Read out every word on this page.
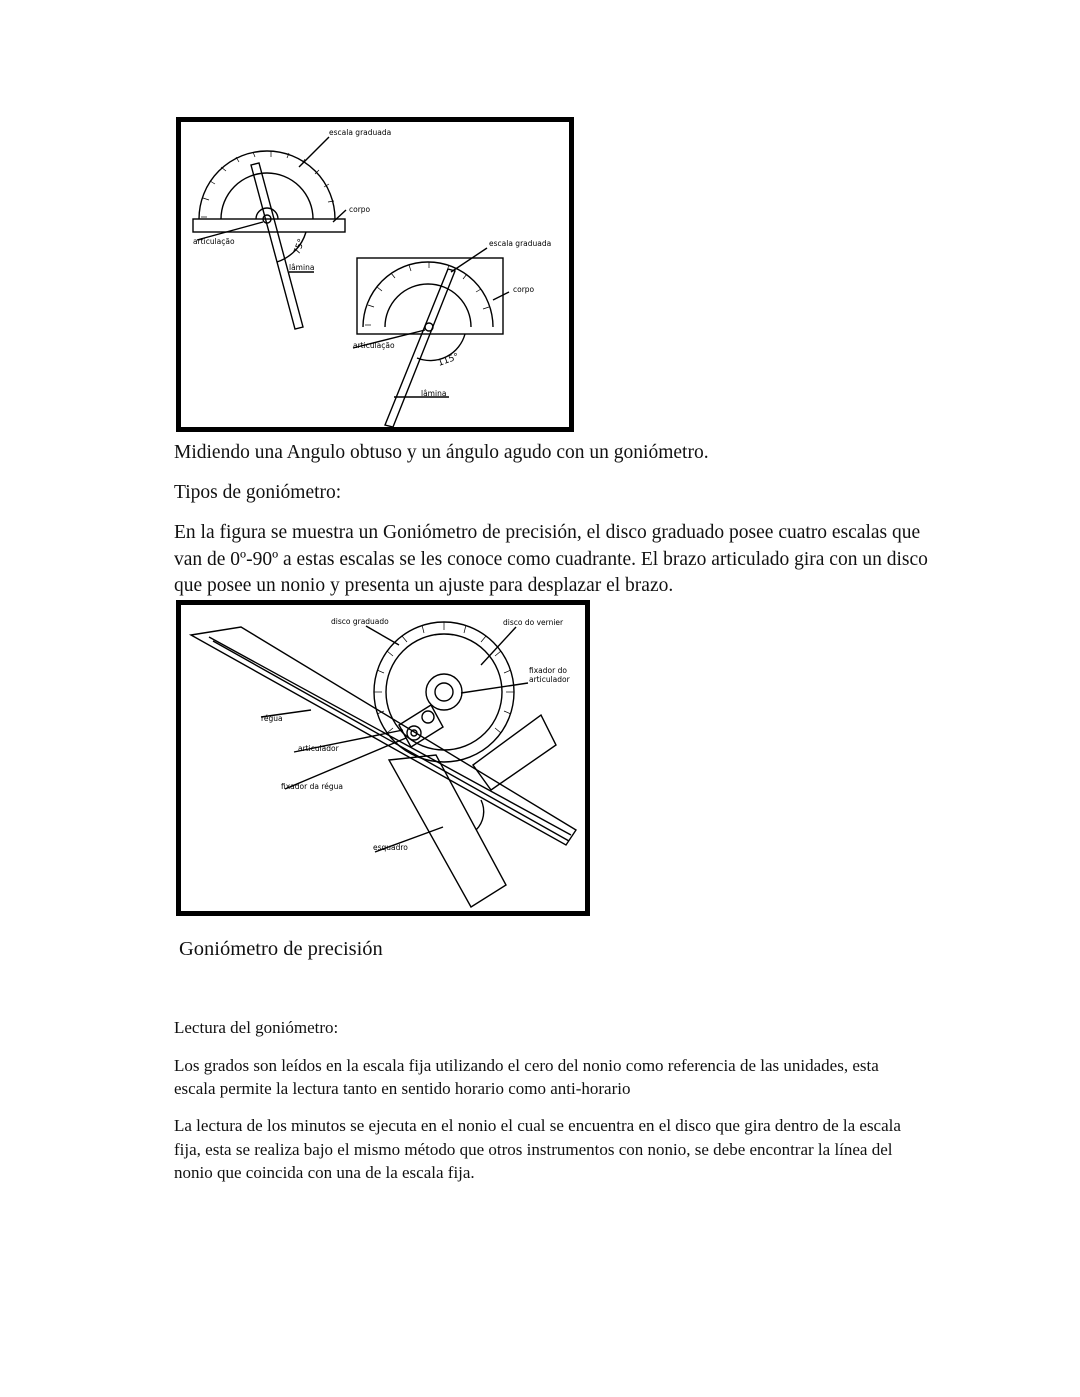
escala graduada
corpo
articulação
lâmina
75°	escala graduada
corpo
articulação
lâmina
115°

Midiendo una Angulo obtuso y un ángulo agudo con un goniómetro.

Tipos de goniómetro:

En la figura se muestra un Goniómetro de precisión, el disco graduado posee cuatro escalas que

van de 0º-90º a estas escalas se les conoce como cuadrante. El brazo articulado gira con un disco

que posee un nonio y presenta un ajuste para desplazar el brazo.

disco graduado	disco do vernier
fixador do
articulador
régua
articulador
fixador da régua
esquadro

Goniómetro de precisión

Lectura del goniómetro:

Los grados son leídos en la escala fija utilizando el cero del nonio como referencia de las unidades, esta

escala permite la lectura tanto en sentido horario como anti-horario

La lectura de los minutos se ejecuta en el nonio el cual se encuentra en el disco que gira dentro de la escala

fija, esta se realiza bajo el mismo método que otros instrumentos con nonio, se debe encontrar la línea del

nonio que coincida con una de la escala fija.
